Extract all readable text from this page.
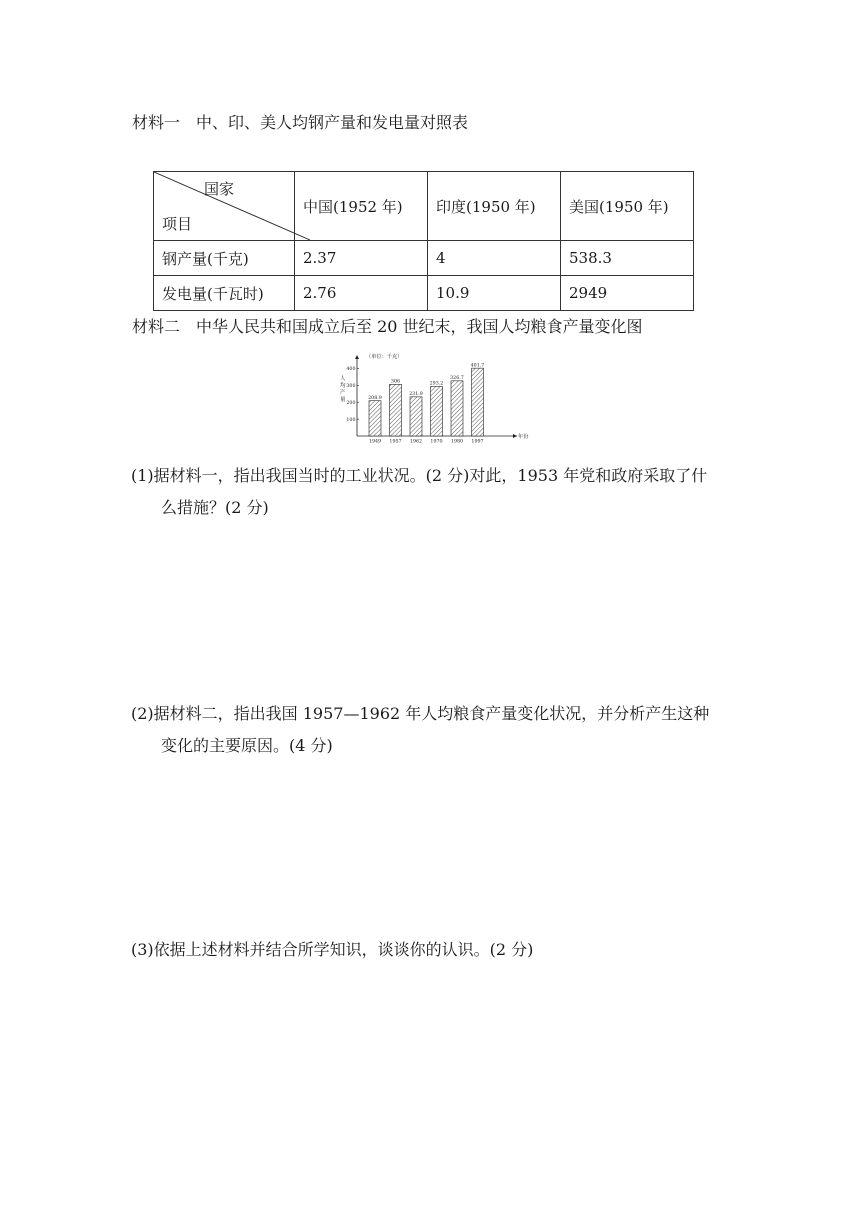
材料一　中、印、美人均钢产量和发电量对照表
国家
项目	中国(1952 年)	印度(1950 年)	美国(1950 年)
钢产量(千克)	2.37	4	538.3
发电量(千瓦时)	2.76	10.9	2949
材料二　中华人民共和国成立后至 20 世纪末，我国人均粮食产量变化图
（单位：千克）
人
均
产
量
100
200
300
400
208.9
1949
306
1957
231.9
1962
293.2
1970
326.7
1980
401.7
1997
年份
(1)据材料一，指出我国当时的工业状况。(2 分)对此，1953 年党和政府采取了什
么措施？(2 分)
(2)据材料二，指出我国 1957—1962 年人均粮食产量变化状况，并分析产生这种
变化的主要原因。(4 分)
(3)依据上述材料并结合所学知识，谈谈你的认识。(2 分)
